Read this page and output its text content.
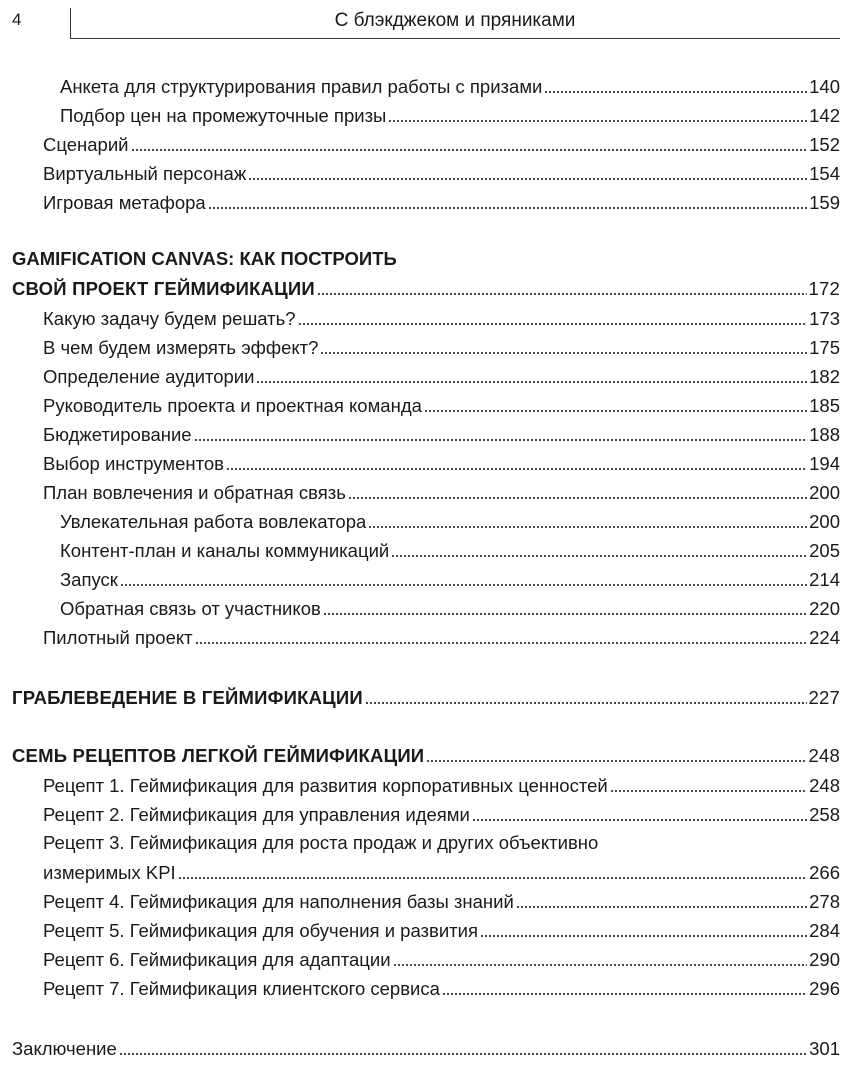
4	С блэкджеком и пряниками
Анкета для структурирования правил работы с призами	140
Подбор цен на промежуточные призы	142
Сценарий	152
Виртуальный персонаж	154
Игровая метафора	159
GAMIFICATION CANVAS: КАК ПОСТРОИТЬ
СВОЙ ПРОЕКТ ГЕЙМИФИКАЦИИ	172
Какую задачу будем решать?	173
В чем будем измерять эффект?	175
Определение аудитории	182
Руководитель проекта и проектная команда	185
Бюджетирование	188
Выбор инструментов	194
План вовлечения и обратная связь	200
Увлекательная работа вовлекатора	200
Контент-план и каналы коммуникаций	205
Запуск	214
Обратная связь от участников	220
Пилотный проект	224
ГРАБЛЕВЕДЕНИЕ В ГЕЙМИФИКАЦИИ	227
СЕМЬ РЕЦЕПТОВ ЛЕГКОЙ ГЕЙМИФИКАЦИИ	248
Рецепт 1. Геймификация для развития корпоративных ценностей	248
Рецепт 2. Геймификация для управления идеями	258
Рецепт 3. Геймификация для роста продаж и других объективно
измеримых KPI	266
Рецепт 4. Геймификация для наполнения базы знаний	278
Рецепт 5. Геймификация для обучения и развития	284
Рецепт 6. Геймификация для адаптации	290
Рецепт 7. Геймификация клиентского сервиса	296
Заключение	301
